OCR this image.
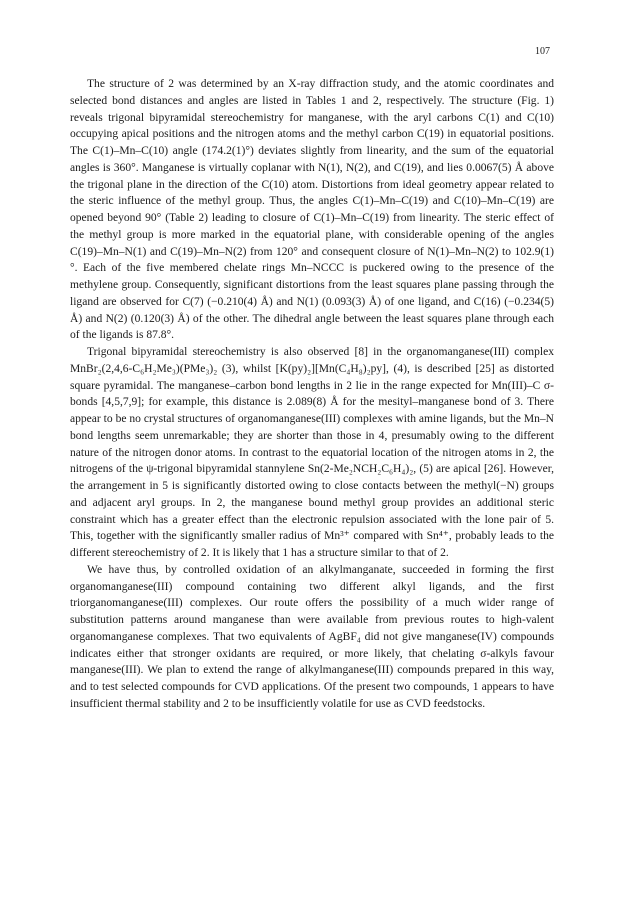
107

The structure of 2 was determined by an X-ray diffraction study, and the atomic coordinates and selected bond distances and angles are listed in Tables 1 and 2, respectively. The structure (Fig. 1) reveals trigonal bipyramidal stereochemistry for manganese, with the aryl carbons C(1) and C(10) occupying apical positions and the nitrogen atoms and the methyl carbon C(19) in equatorial positions. The C(1)–Mn–C(10) angle (174.2(1)°) deviates slightly from linearity, and the sum of the equatorial angles is 360°. Manganese is virtually coplanar with N(1), N(2), and C(19), and lies 0.0067(5) Å above the trigonal plane in the direction of the C(10) atom. Distortions from ideal geometry appear related to the steric influence of the methyl group. Thus, the angles C(1)–Mn–C(19) and C(10)–Mn–C(19) are opened beyond 90° (Table 2) leading to closure of C(1)–Mn–C(19) from linearity. The steric effect of the methyl group is more marked in the equatorial plane, with considerable opening of the angles C(19)–Mn–N(1) and C(19)–Mn–N(2) from 120° and consequent closure of N(1)–Mn–N(2) to 102.9(1)°. Each of the five membered chelate rings Mn–NCCC is puckered owing to the presence of the methylene group. Consequently, significant distortions from the least squares plane passing through the ligand are observed for C(7) (−0.210(4) Å) and N(1) (0.093(3) Å) of one ligand, and C(16) (−0.234(5) Å) and N(2) (0.120(3) Å) of the other. The dihedral angle between the least squares plane through each of the ligands is 87.8°.

Trigonal bipyramidal stereochemistry is also observed [8] in the organomanganese(III) complex MnBr₂(2,4,6-C₆H₂Me₃)(PMe₃)₂ (3), whilst [K(py)₂][Mn(C₄H₈)₂py], (4), is described [25] as distorted square pyramidal. The manganese–carbon bond lengths in 2 lie in the range expected for Mn(III)–C σ-bonds [4,5,7,9]; for example, this distance is 2.089(8) Å for the mesityl–manganese bond of 3. There appear to be no crystal structures of organomanganese(III) complexes with amine ligands, but the Mn–N bond lengths seem unremarkable; they are shorter than those in 4, presumably owing to the different nature of the nitrogen donor atoms. In contrast to the equatorial location of the nitrogen atoms in 2, the nitrogens of the ψ-trigonal bipyramidal stannylene Sn(2-Me₂NCH₂C₆H₄)₂, (5) are apical [26]. However, the arrangement in 5 is significantly distorted owing to close contacts between the methyl(−N) groups and adjacent aryl groups. In 2, the manganese bound methyl group provides an additional steric constraint which has a greater effect than the electronic repulsion associated with the lone pair of 5. This, together with the significantly smaller radius of Mn³⁺ compared with Sn⁴⁺, probably leads to the different stereochemistry of 2. It is likely that 1 has a structure similar to that of 2.

We have thus, by controlled oxidation of an alkylmanganate, succeeded in forming the first organomanganese(III) compound containing two different alkyl ligands, and the first triorganomanganese(III) complexes. Our route offers the possibility of a much wider range of substitution patterns around manganese than were available from previous routes to high-valent organomanganese complexes. That two equivalents of AgBF₄ did not give manganese(IV) compounds indicates either that stronger oxidants are required, or more likely, that chelating σ-alkyls favour manganese(III). We plan to extend the range of alkylmanganese(III) compounds prepared in this way, and to test selected compounds for CVD applications. Of the present two compounds, 1 appears to have insufficient thermal stability and 2 to be insufficiently volatile for use as CVD feedstocks.
